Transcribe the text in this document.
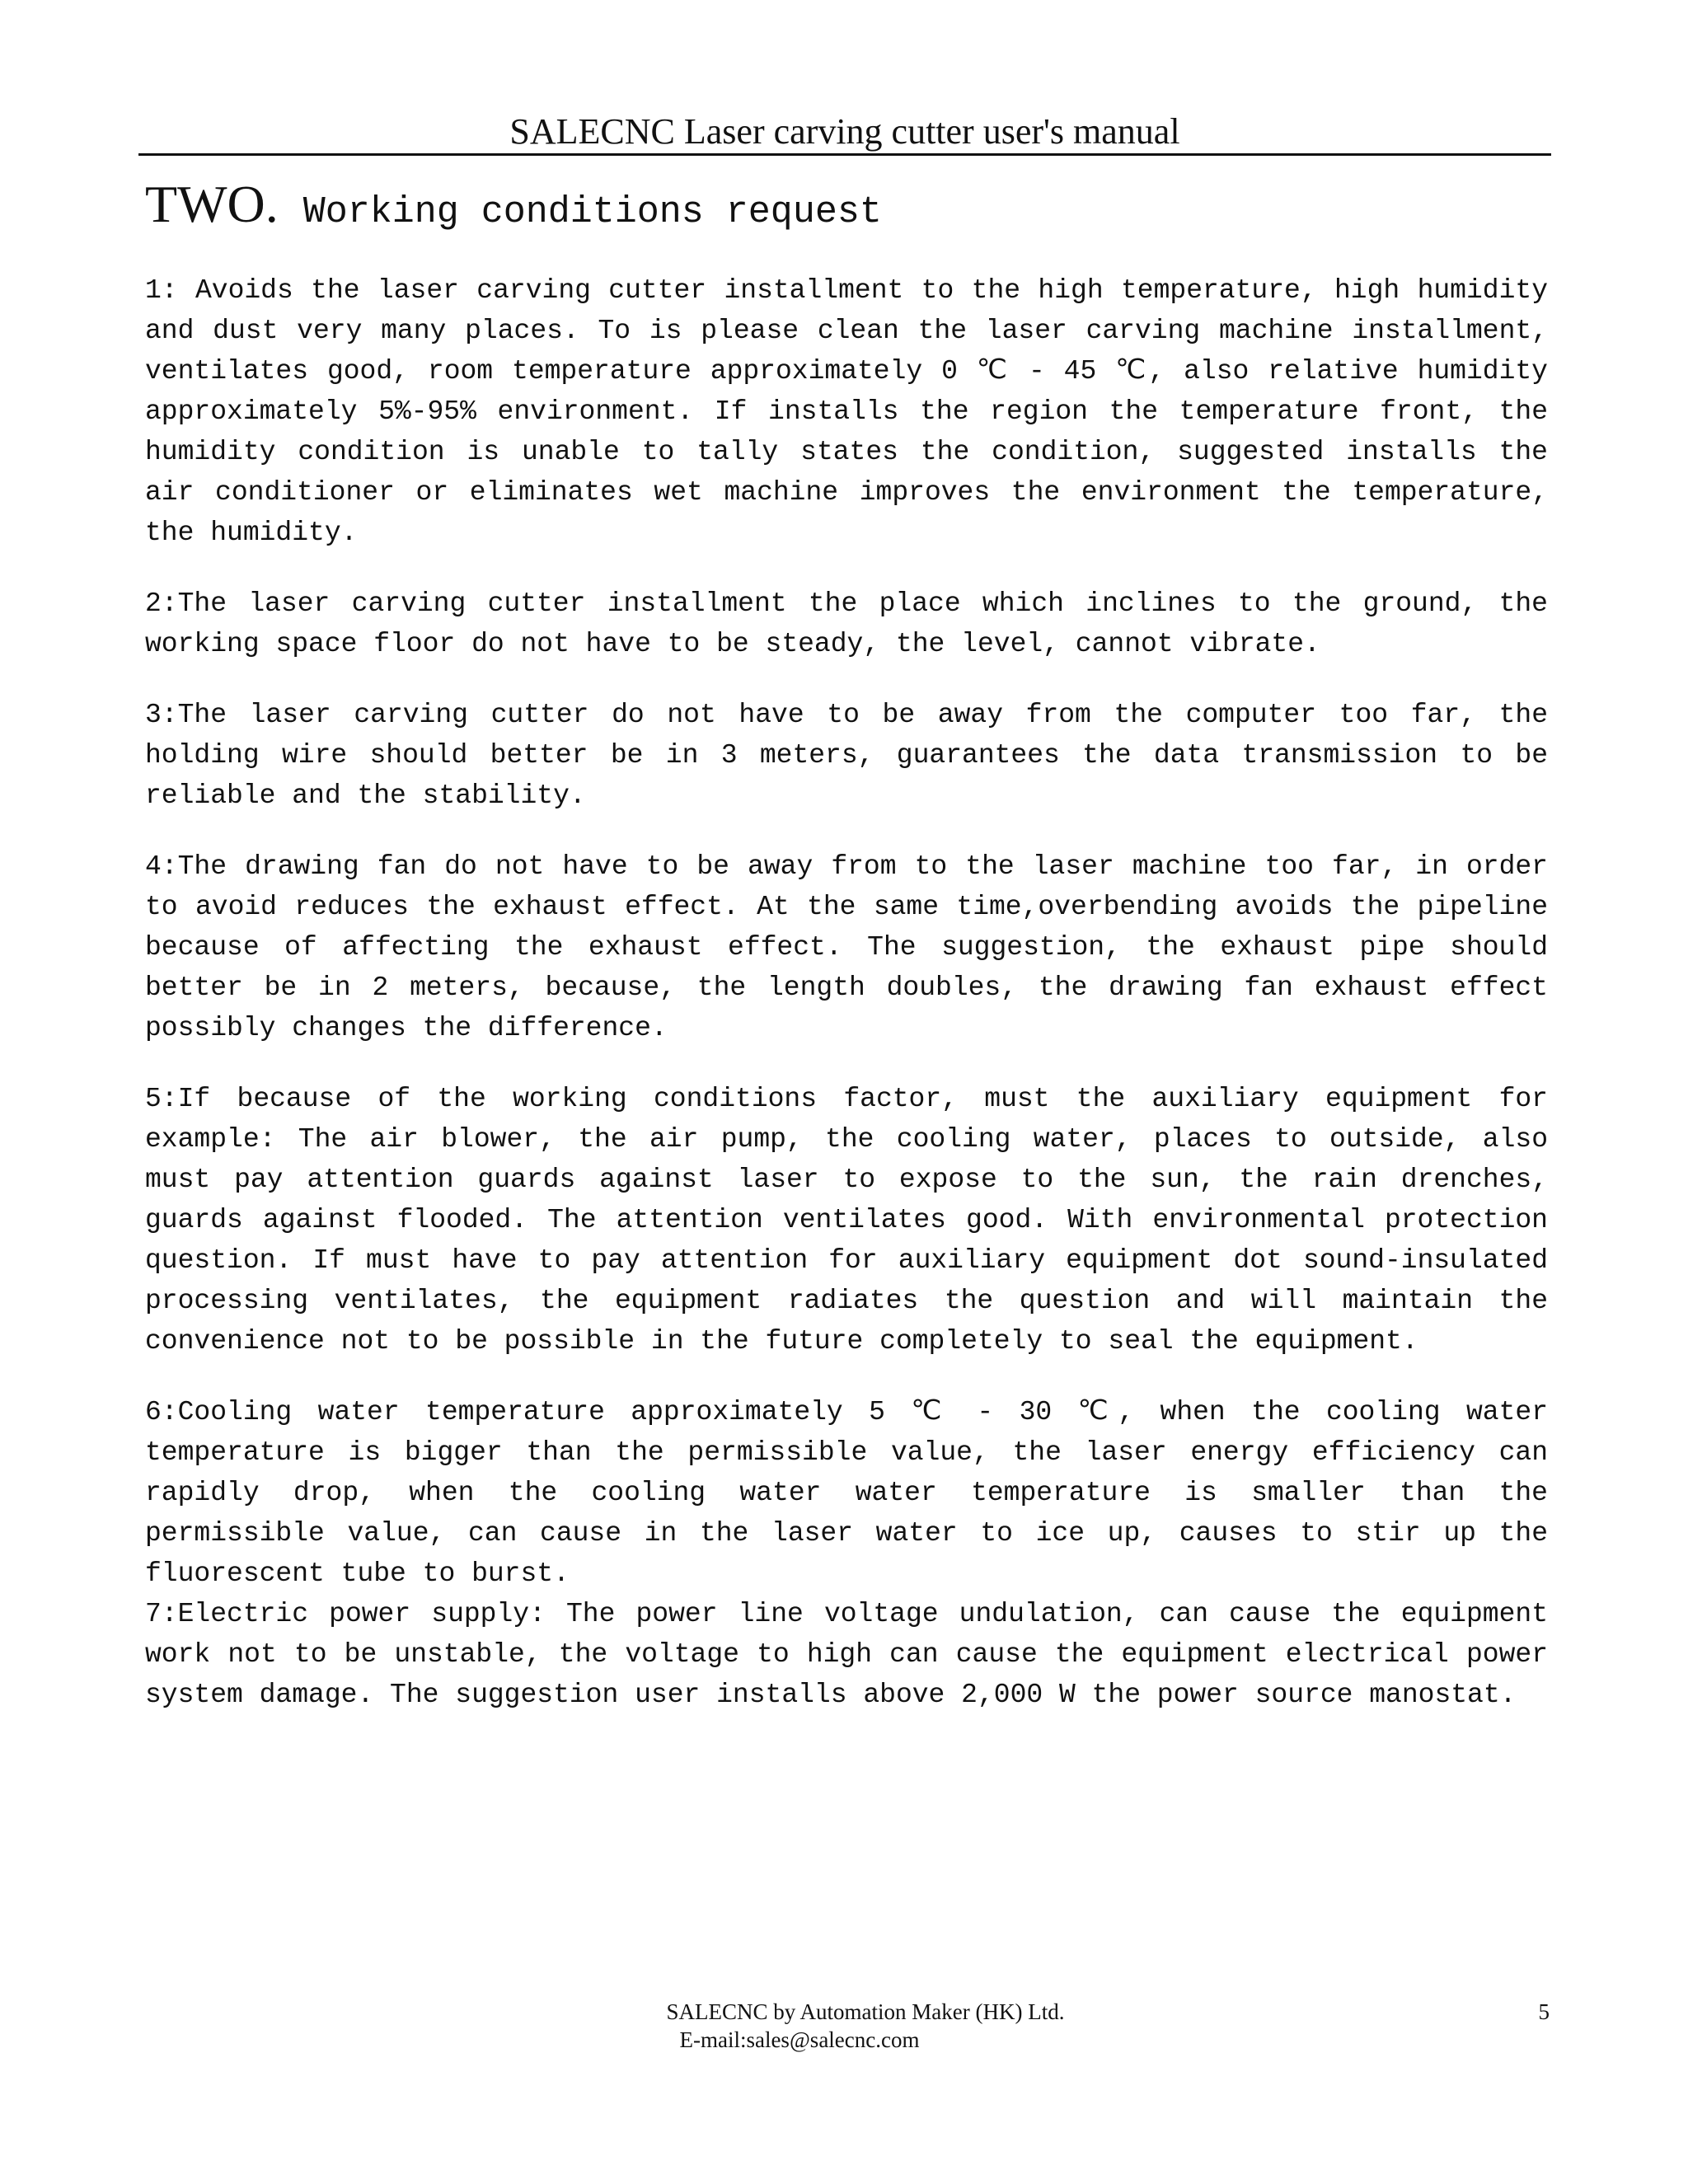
SALECNC Laser carving cutter user's manual
TWO. Working conditions request

1: Avoids the laser carving cutter installment to the high temperature, high humidity and dust very many places. To is please clean the laser carving machine installment, ventilates good, room temperature approximately 0 ℃ - 45 ℃, also relative humidity approximately 5%-95% environment. If installs the region the temperature front, the humidity condition is unable to tally states the condition, suggested installs the air conditioner or eliminates wet machine improves the environment the temperature, the humidity.

2:The laser carving cutter installment the place which inclines to the ground, the working space floor do not have to be steady, the level, cannot vibrate.

3:The laser carving cutter do not have to be away from the computer too far, the holding wire should better be in 3 meters, guarantees the data transmission to be reliable and the stability.

4:The drawing fan do not have to be away from to the laser machine too far, in order to avoid reduces the exhaust effect. At the same time,overbending avoids the pipeline because of affecting the exhaust effect. The suggestion, the exhaust pipe should better be in 2 meters, because, the length doubles, the drawing fan exhaust effect possibly changes the difference.

5:If because of the working conditions factor, must the auxiliary equipment for example: The air blower, the air pump, the cooling water, places to outside, also must pay attention guards against laser to expose to the sun, the rain drenches, guards against flooded. The attention ventilates good. With environmental protection question. If must have to pay attention for auxiliary equipment dot sound-insulated processing ventilates, the equipment radiates the question and will maintain the convenience not to be possible in the future completely to seal the equipment.

6:Cooling water temperature approximately 5 ℃ - 30 ℃, when the cooling water temperature is bigger than the permissible value, the laser energy efficiency can rapidly drop, when the cooling water water temperature is smaller than the permissible value, can cause in the laser water to ice up, causes to stir up the fluorescent tube to burst.

7:Electric power supply: The power line voltage undulation, can cause the equipment work not to be unstable, the voltage to high can cause the equipment electrical power system damage. The suggestion user installs above 2,000 W the power source manostat.

SALECNC by Automation Maker (HK) Ltd.
E-mail:sales@salecnc.com
5
